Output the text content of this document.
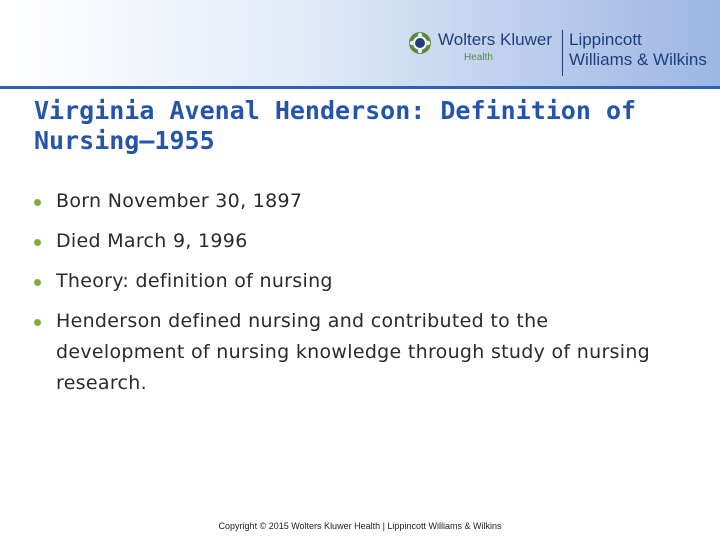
Wolters Kluwer
Health
Lippincott
Williams & Wilkins
Virginia Avenal Henderson: Definition of Nursing—1955
Born November 30, 1897
Died March 9, 1996
Theory: definition of nursing
Henderson defined nursing and contributed to the development of nursing knowledge through study of nursing research.
Copyright © 2015 Wolters Kluwer Health | Lippincott Williams & Wilkins
